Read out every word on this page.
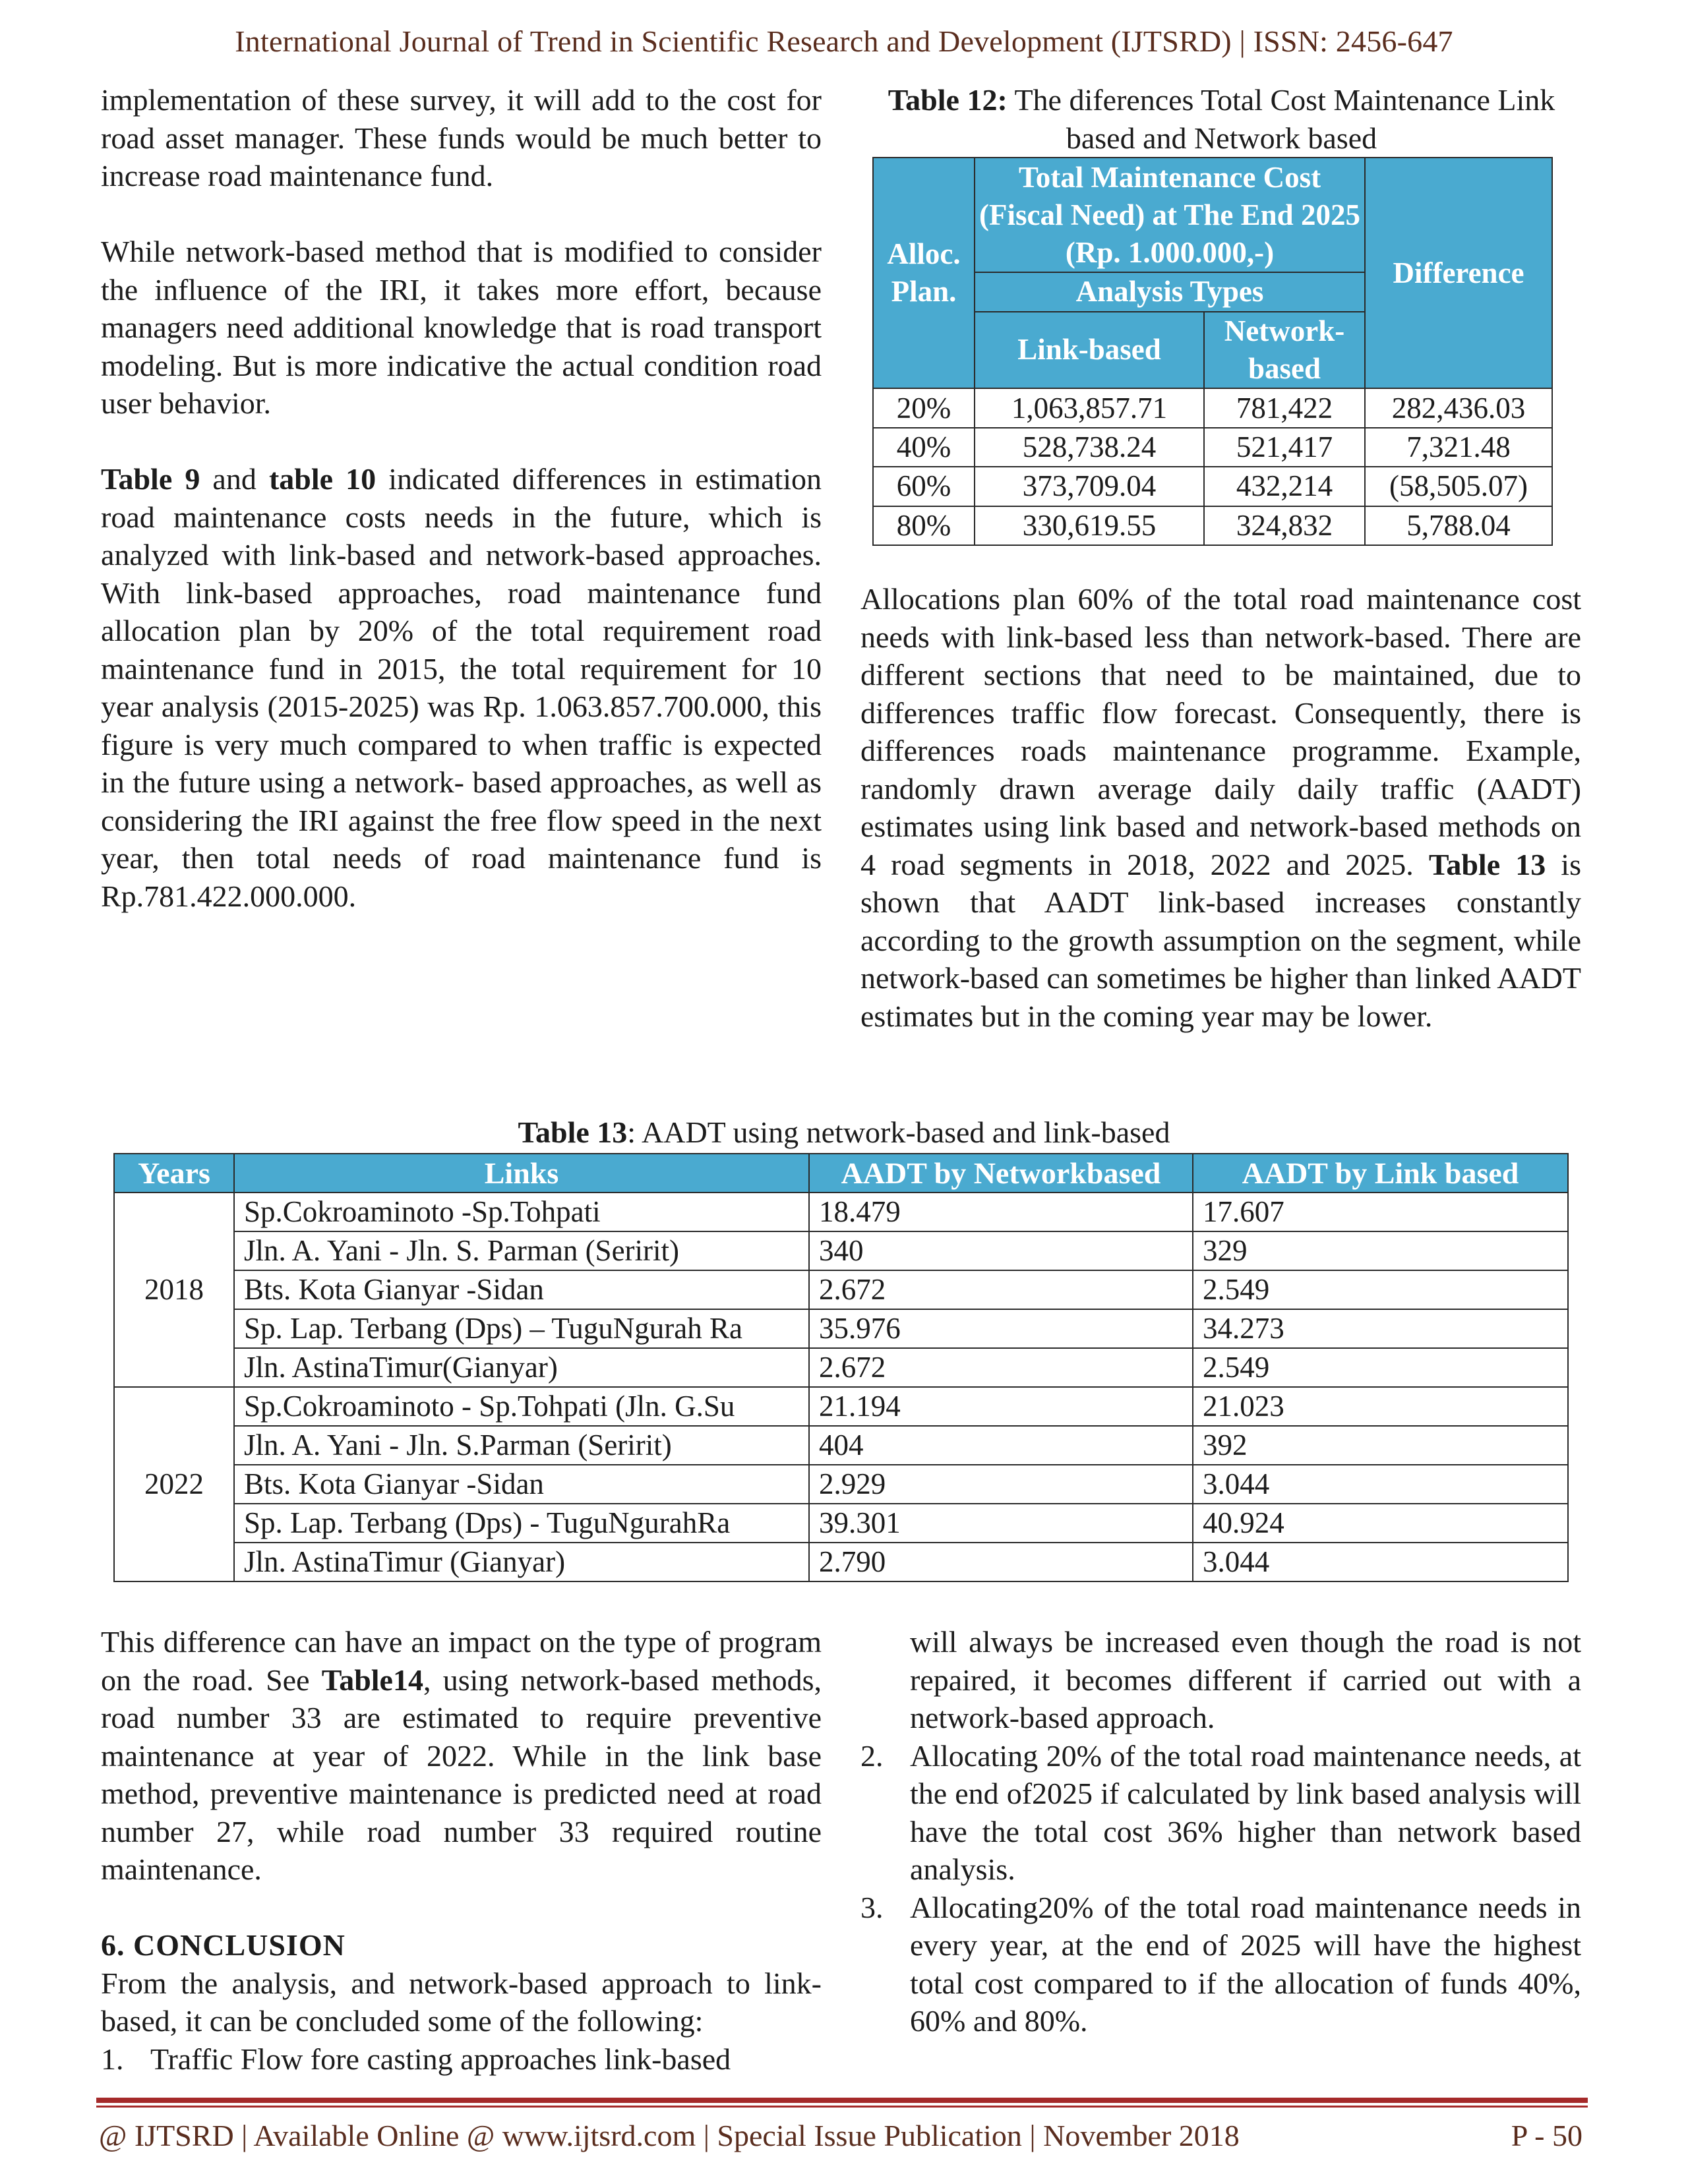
International Journal of Trend in Scientific Research and Development (IJTSRD) | ISSN: 2456-647

implementation of these survey, it will add to the cost for road asset manager. These funds would be much better to increase road maintenance fund.

While network-based method that is modified to consider the influence of the IRI, it takes more effort, because managers need additional knowledge that is road transport modeling. But is more indicative the actual condition road user behavior.

Table 9 and table 10 indicated differences in estimation road maintenance costs needs in the future, which is analyzed with link-based and network-based approaches. With link-based approaches, road maintenance fund allocation plan by 20% of the total requirement road maintenance fund in 2015, the total requirement for 10 year analysis (2015-2025) was Rp. 1.063.857.700.000, this figure is very much compared to when traffic is expected in the future using a network- based approaches, as well as considering the IRI against the free flow speed in the next year, then total needs of road maintenance fund is Rp.781.422.000.000.

Table 12: The diferences Total Cost Maintenance Link based and Network based
Alloc. Plan.	Total Maintenance Cost (Fiscal Need) at The End 2025 (Rp. 1.000.000,-)		Difference
	Analysis Types		
	Link-based	Network-based	
20%	1,063,857.71	781,422	282,436.03
40%	528,738.24	521,417	7,321.48
60%	373,709.04	432,214	(58,505.07)
80%	330,619.55	324,832	5,788.04

Allocations plan 60% of the total road maintenance cost needs with link-based less than network-based. There are different sections that need to be maintained, due to differences traffic flow forecast. Consequently, there is differences roads maintenance programme. Example, randomly drawn average daily daily traffic (AADT) estimates using link based and network-based methods on 4 road segments in 2018, 2022 and 2025. Table 13 is shown that AADT link-based increases constantly according to the growth assumption on the segment, while network-based can sometimes be higher than linked AADT estimates but in the coming year may be lower.

Table 13: AADT using network-based and link-based
Years	Links	AADT by Networkbased	AADT by Link based
2018	Sp.Cokroaminoto -Sp.Tohpati	18.479	17.607
	Jln. A. Yani - Jln. S. Parman (Seririt)	340	329
	Bts. Kota Gianyar -Sidan	2.672	2.549
	Sp. Lap. Terbang (Dps) – TuguNgurah Ra	35.976	34.273
	Jln. AstinaTimur(Gianyar)	2.672	2.549
2022	Sp.Cokroaminoto - Sp.Tohpati (Jln. G.Su	21.194	21.023
	Jln. A. Yani - Jln. S.Parman (Seririt)	404	392
	Bts. Kota Gianyar -Sidan	2.929	3.044
	Sp. Lap. Terbang (Dps) - TuguNgurahRa	39.301	40.924
	Jln. AstinaTimur (Gianyar)	2.790	3.044

This difference can have an impact on the type of program on the road. See Table14, using network-based methods, road number 33 are estimated to require preventive maintenance at year of 2022. While in the link base method, preventive maintenance is predicted need at road number 27, while road number 33 required routine maintenance.

6. CONCLUSION

From the analysis, and network-based approach to link-based, it can be concluded some of the following:

1. Traffic Flow fore casting approaches link-based

will always be increased even though the road is not repaired, it becomes different if carried out with a network-based approach.

2. Allocating 20% of the total road maintenance needs, at the end of2025 if calculated by link based analysis will have the total cost 36% higher than network based analysis.

3. Allocating20% of the total road maintenance needs in every year, at the end of 2025 will have the highest total cost compared to if the allocation of funds 40%, 60% and 80%.

@ IJTSRD | Available Online @ www.ijtsrd.com | Special Issue Publication | November 2018	P - 50
